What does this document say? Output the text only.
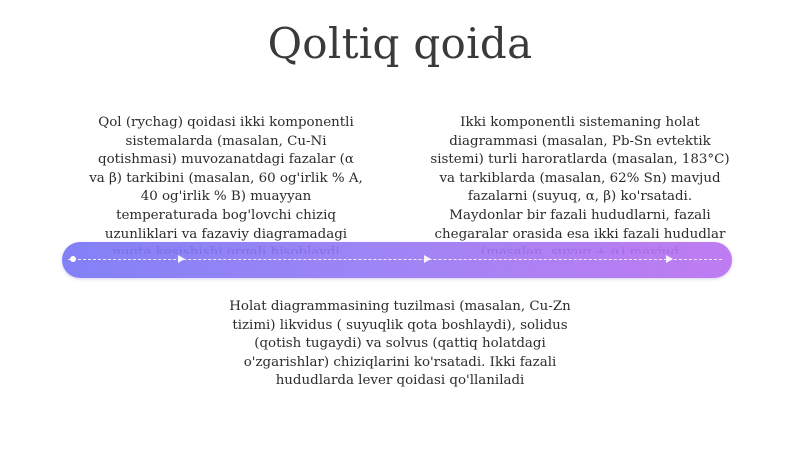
Qoltiq qoida
Qol (rychag) qoidasi ikki komponentli
sistemalarda (masalan, Cu-Ni
qotishmasi) muvozanatdagi fazalar (α
va β) tarkibini (masalan, 60 og'irlik % A,
40 og'irlik % B) muayyan
temperaturada bog'lovchi chiziq
uzunliklari va fazaviy diagramadagi

Ikki komponentli sistemaning holat
diagrammasi (masalan, Pb-Sn evtektik
sistemi) turli haroratlarda (masalan, 183°C)
va tarkiblarda (masalan, 62% Sn) mavjud
fazalarni (suyuq, α, β) ko'rsatadi.
Maydonlar bir fazali hududlarni, fazali
chegaralar orasida esa ikki fazali hududlar

Holat diagrammasining tuzilmasi (masalan, Cu-Zn
tizimi) likvidus ( suyuqlik qota boshlaydi), solidus
(qotish tugaydi) va solvus (qattiq holatdagi
o'zgarishlar) chiziqlarini ko'rsatadi. Ikki fazali
hududlarda lever qoidasi qo'llaniladi
